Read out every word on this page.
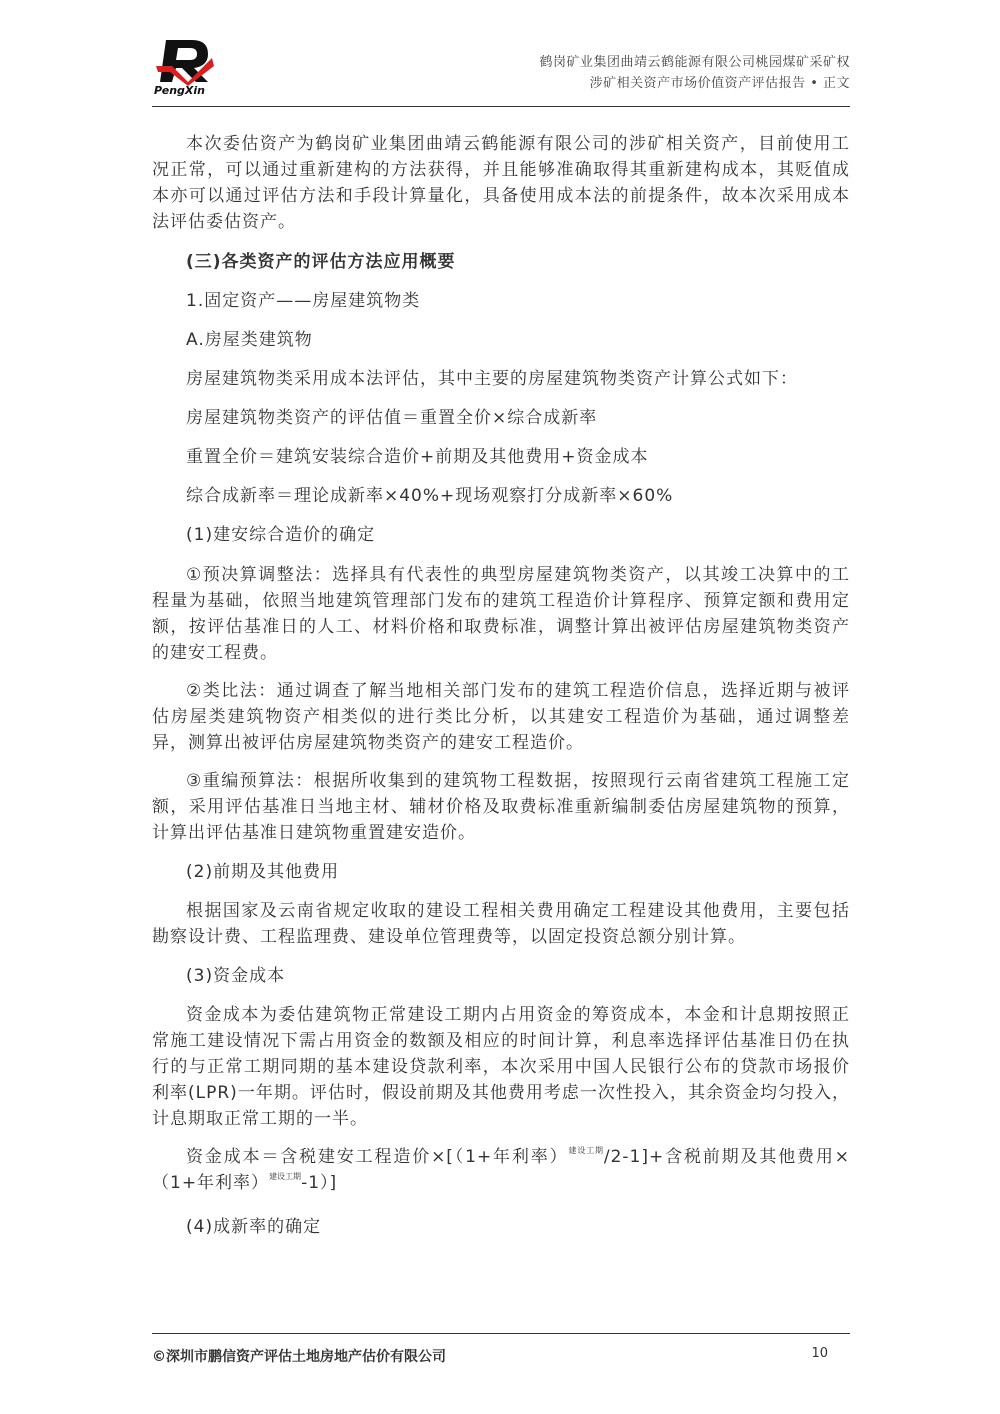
PengXin
鹤岗矿业集团曲靖云鹤能源有限公司桃园煤矿采矿权
涉矿相关资产市场价值资产评估报告 • 正文

本次委估资产为鹤岗矿业集团曲靖云鹤能源有限公司的涉矿相关资产，目前使用工况正常，可以通过重新建构的方法获得，并且能够准确取得其重新建构成本，其贬值成本亦可以通过评估方法和手段计算量化，具备使用成本法的前提条件，故本次采用成本法评估委估资产。

(三)各类资产的评估方法应用概要

1.固定资产——房屋建筑物类

A.房屋类建筑物

房屋建筑物类采用成本法评估，其中主要的房屋建筑物类资产计算公式如下：

房屋建筑物类资产的评估值＝重置全价×综合成新率

重置全价＝建筑安装综合造价+前期及其他费用+资金成本

综合成新率＝理论成新率×40%+现场观察打分成新率×60%

(1)建安综合造价的确定

①预决算调整法：选择具有代表性的典型房屋建筑物类资产，以其竣工决算中的工程量为基础，依照当地建筑管理部门发布的建筑工程造价计算程序、预算定额和费用定额，按评估基准日的人工、材料价格和取费标准，调整计算出被评估房屋建筑物类资产的建安工程费。

②类比法：通过调查了解当地相关部门发布的建筑工程造价信息，选择近期与被评估房屋类建筑物资产相类似的进行类比分析，以其建安工程造价为基础，通过调整差异，测算出被评估房屋建筑物类资产的建安工程造价。

③重编预算法：根据所收集到的建筑物工程数据，按照现行云南省建筑工程施工定额，采用评估基准日当地主材、辅材价格及取费标准重新编制委估房屋建筑物的预算，计算出评估基准日建筑物重置建安造价。

(2)前期及其他费用

根据国家及云南省规定收取的建设工程相关费用确定工程建设其他费用，主要包括勘察设计费、工程监理费、建设单位管理费等，以固定投资总额分别计算。

(3)资金成本

资金成本为委估建筑物正常建设工期内占用资金的筹资成本，本金和计息期按照正常施工建设情况下需占用资金的数额及相应的时间计算，利息率选择评估基准日仍在执行的与正常工期同期的基本建设贷款利率，本次采用中国人民银行公布的贷款市场报价利率(LPR)一年期。评估时，假设前期及其他费用考虑一次性投入，其余资金均匀投入，计息期取正常工期的一半。

资金成本＝含税建安工程造价×[（1+年利率）$^{建设工期}$/2-1]+含税前期及其他费用×（1+年利率）$^{建设工期}$-1）]

(4)成新率的确定

©深圳市鹏信资产评估土地房地产估价有限公司	10
